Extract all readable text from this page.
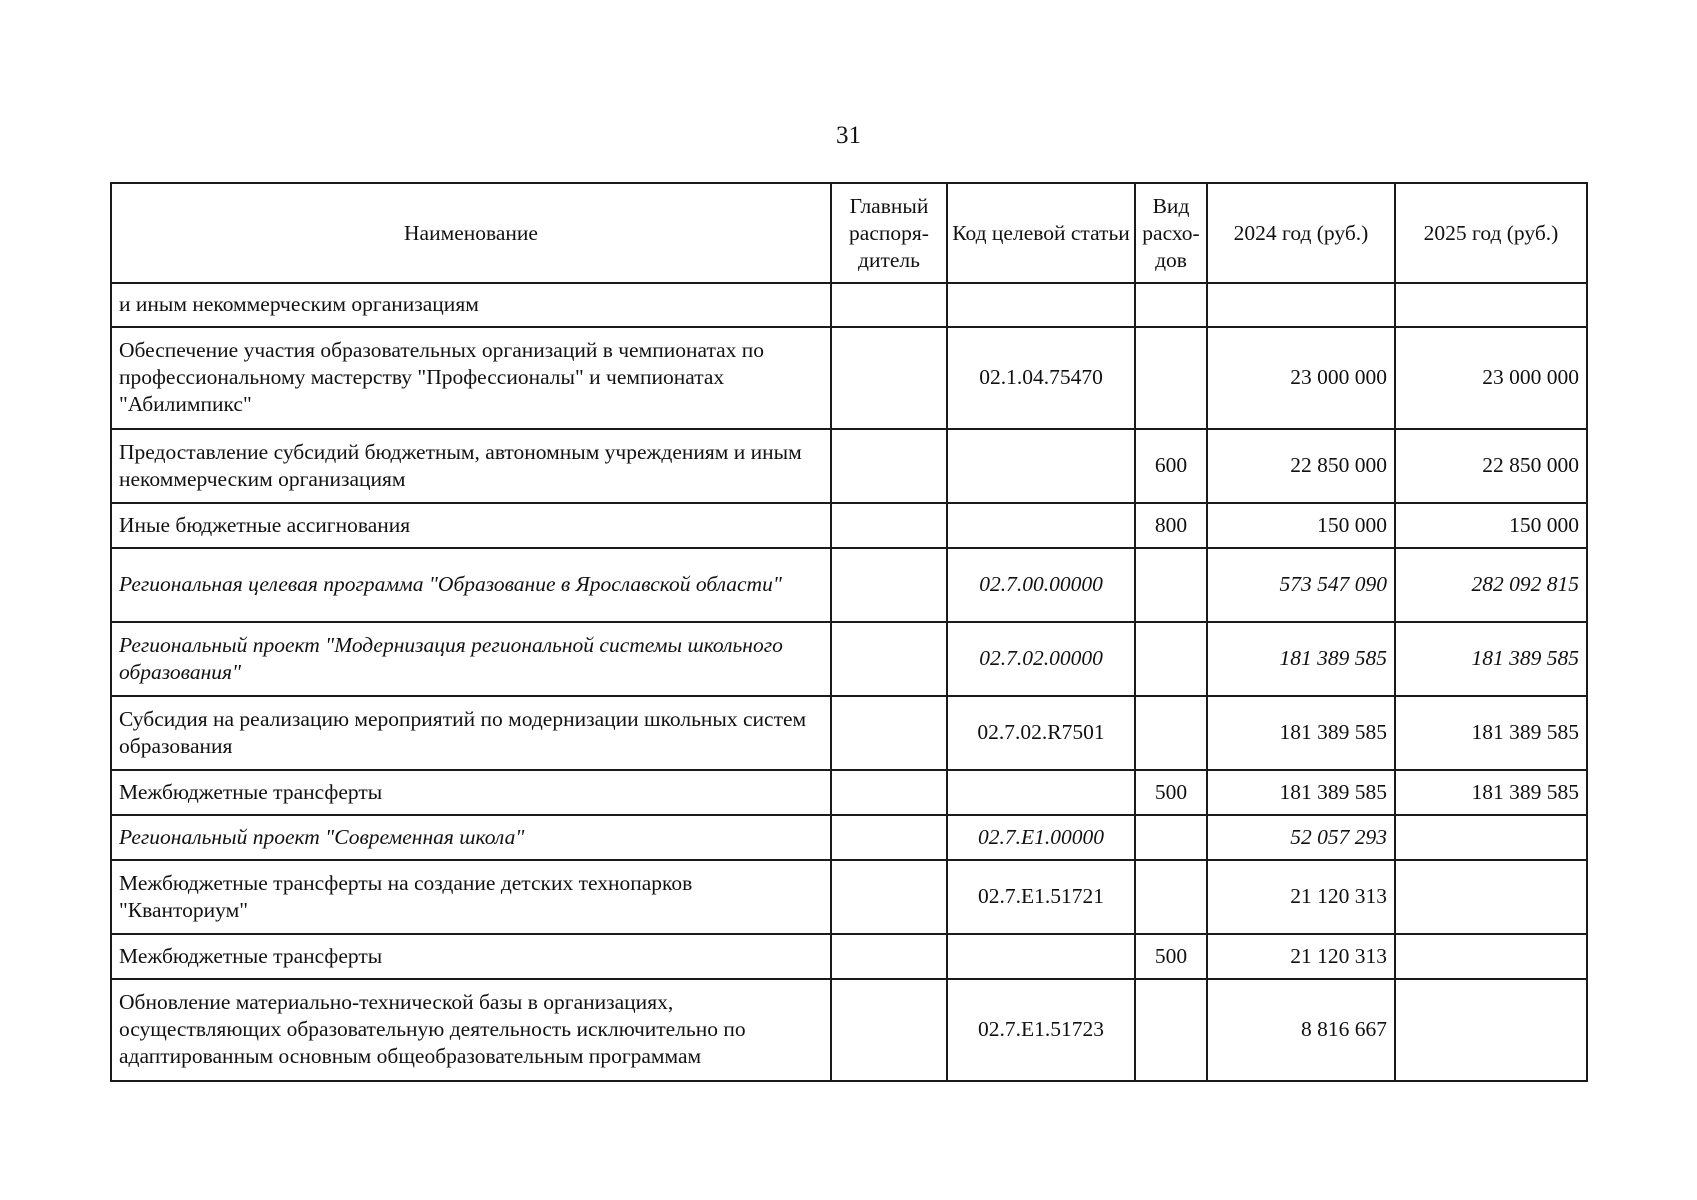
31
Наименование	Главный распоря-дитель	Код целевой статьи	Вид расхо-дов	2024 год (руб.)	2025 год (руб.)
и иным некоммерческим организациям					
Обеспечение участия образовательных организаций в чемпионатах по профессиональному мастерству "Профессионалы" и чемпионатах "Абилимпикс"		02.1.04.75470		23 000 000	23 000 000
Предоставление субсидий бюджетным, автономным учреждениям и иным некоммерческим организациям			600	22 850 000	22 850 000
Иные бюджетные ассигнования			800	150 000	150 000
Региональная целевая программа "Образование в Ярославской области"		02.7.00.00000		573 547 090	282 092 815
Региональный проект "Модернизация региональной системы школьного образования"		02.7.02.00000		181 389 585	181 389 585
Субсидия на реализацию мероприятий по модернизации школьных систем образования		02.7.02.R7501		181 389 585	181 389 585
Межбюджетные трансферты			500	181 389 585	181 389 585
Региональный проект "Современная школа"		02.7.E1.00000		52 057 293	
Межбюджетные трансферты на создание детских технопарков "Кванториум"		02.7.E1.51721		21 120 313	
Межбюджетные трансферты			500	21 120 313	
Обновление материально-технической базы в организациях, осуществляющих образовательную деятельность исключительно по адаптированным основным общеобразовательным программам		02.7.E1.51723		8 816 667	
